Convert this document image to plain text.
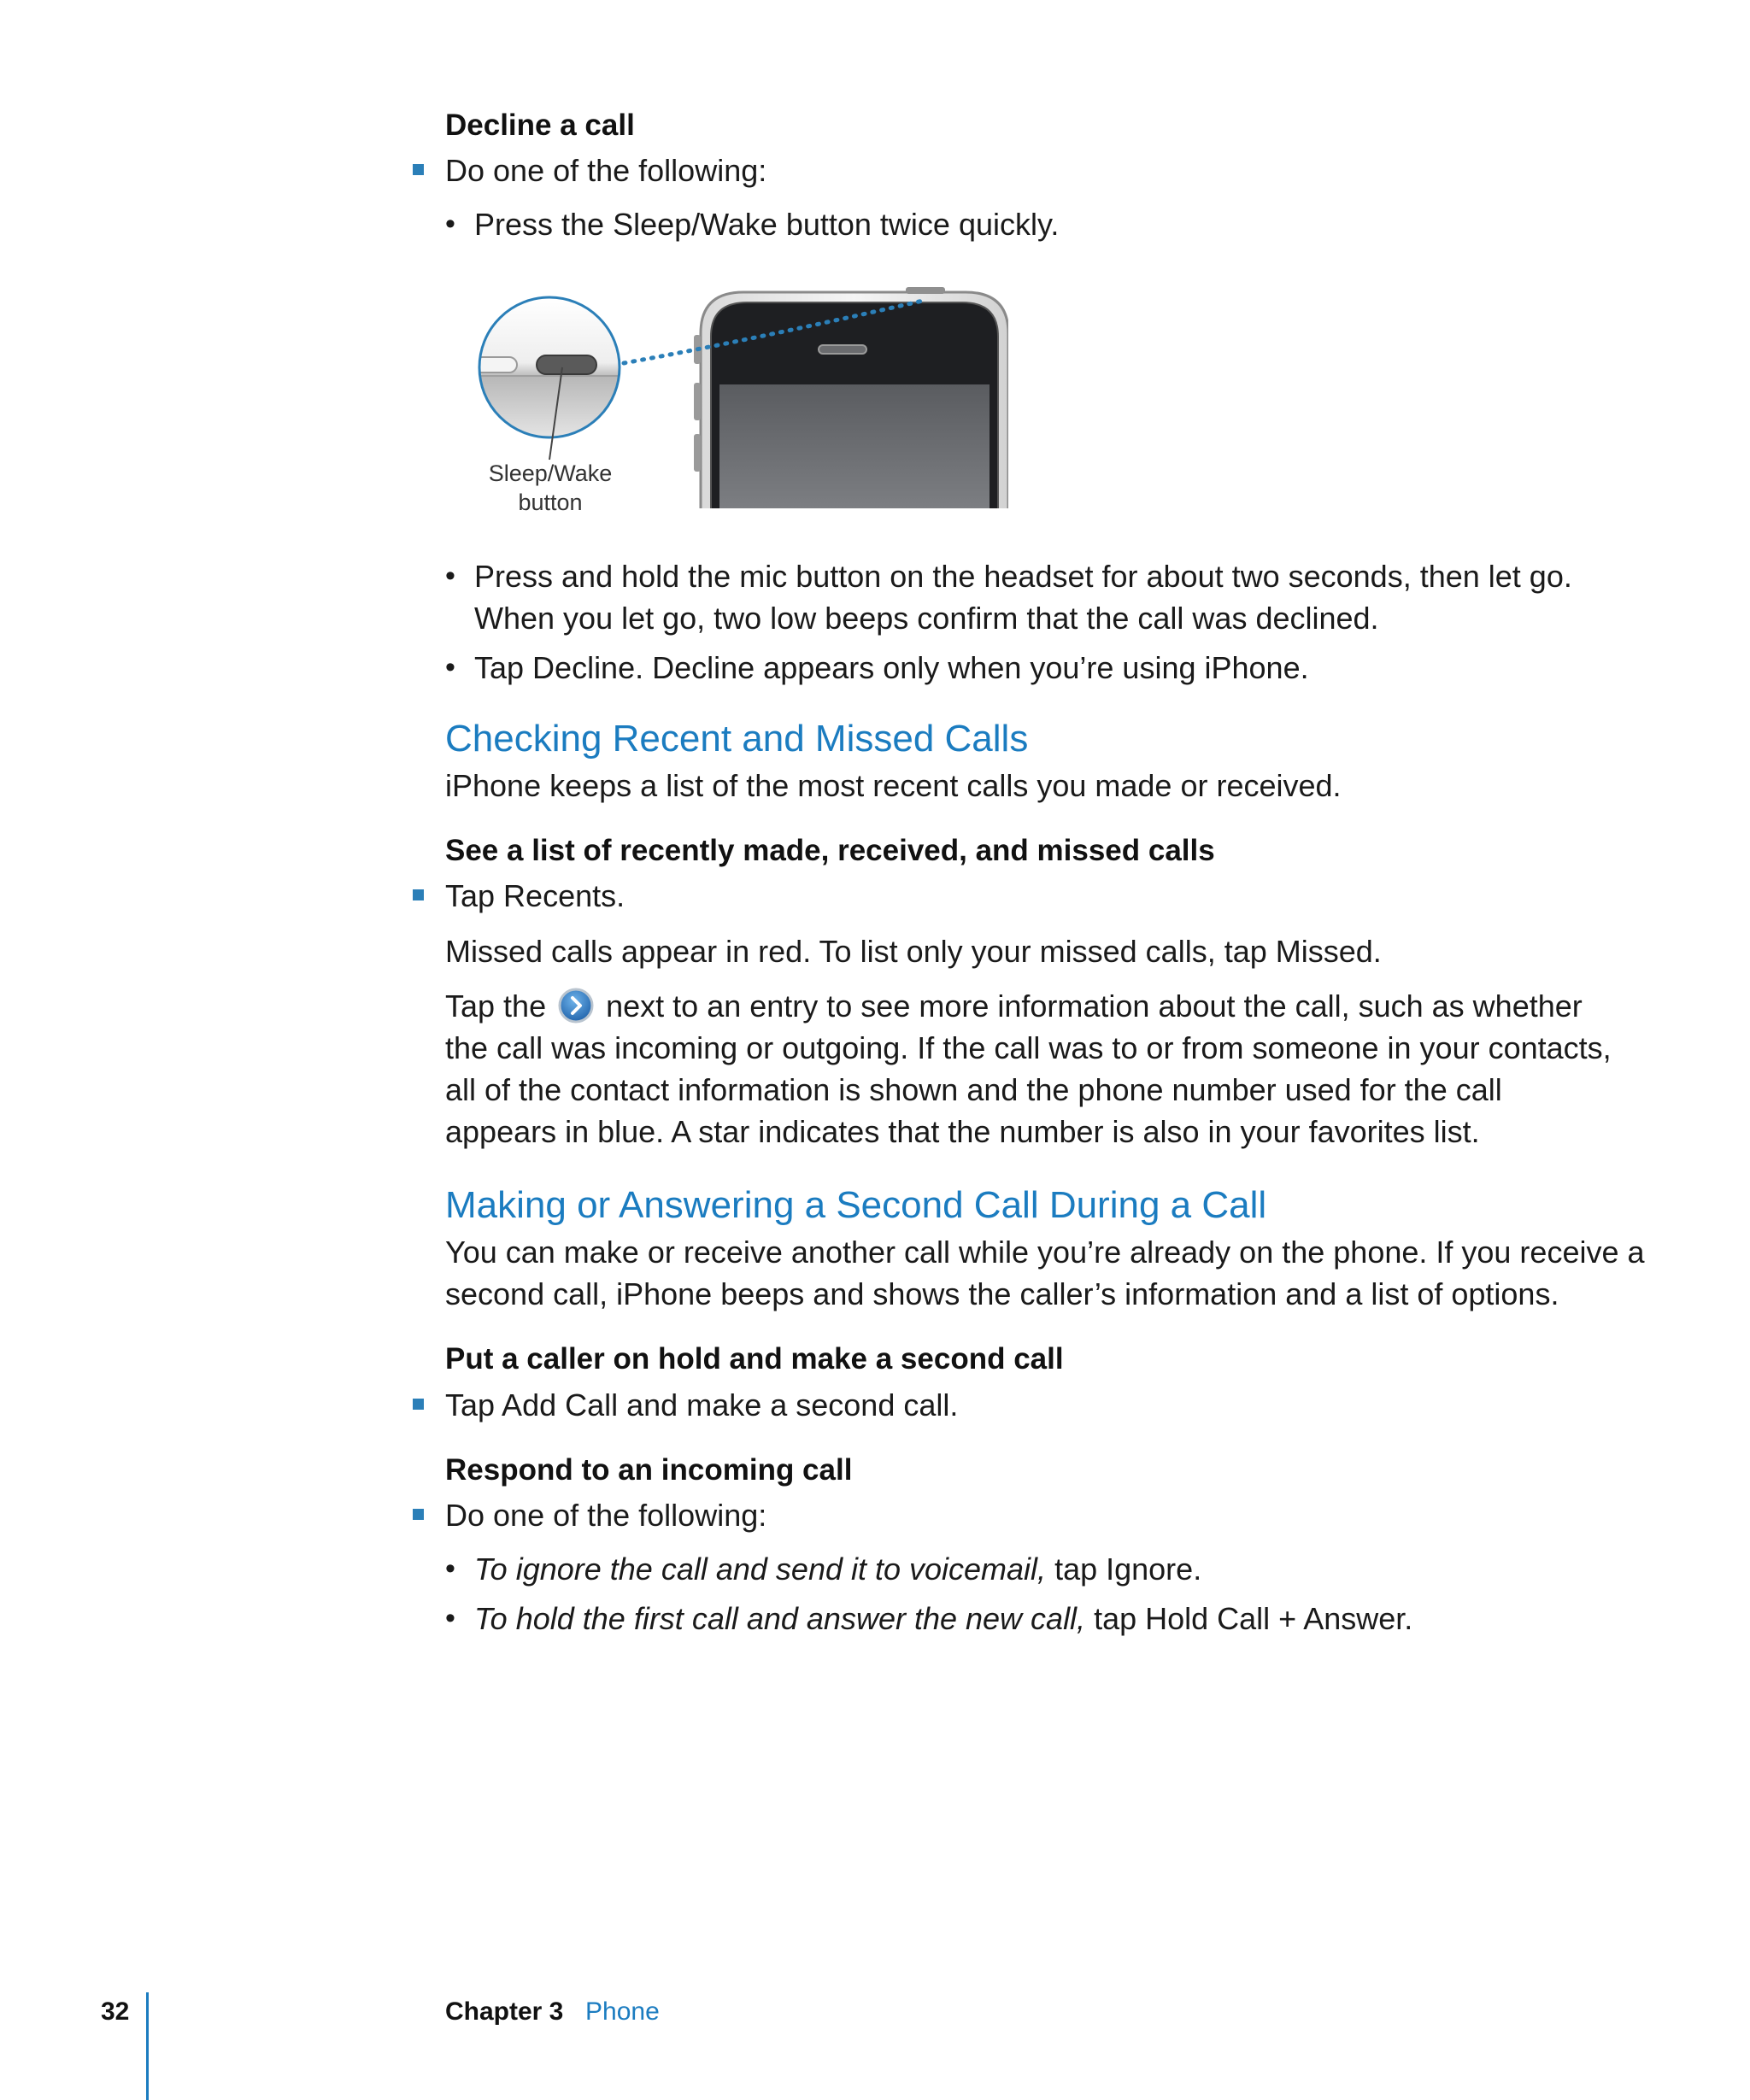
Decline a call
Do one of the following:
• Press the Sleep/Wake button twice quickly.
Sleep/Wake
button
• Press and hold the mic button on the headset for about two seconds, then let go.
When you let go, two low beeps confirm that the call was declined.
• Tap Decline. Decline appears only when you’re using iPhone.
Checking Recent and Missed Calls
iPhone keeps a list of the most recent calls you made or received.
See a list of recently made, received, and missed calls
Tap Recents.
Missed calls appear in red. To list only your missed calls, tap Missed.
Tap the next to an entry to see more information about the call, such as whether
the call was incoming or outgoing. If the call was to or from someone in your contacts,
all of the contact information is shown and the phone number used for the call
appears in blue. A star indicates that the number is also in your favorites list.
Making or Answering a Second Call During a Call
You can make or receive another call while you’re already on the phone. If you receive a
second call, iPhone beeps and shows the caller’s information and a list of options.
Put a caller on hold and make a second call
Tap Add Call and make a second call.
Respond to an incoming call
Do one of the following:
• To ignore the call and send it to voicemail, tap Ignore.
• To hold the first call and answer the new call, tap Hold Call + Answer.
32	Chapter 3 Phone
